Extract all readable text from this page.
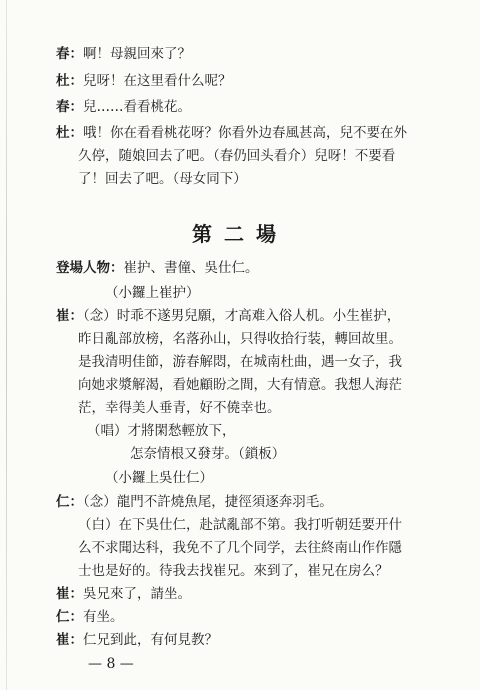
春：啊！母親回來了？
杜：兒呀！在这里看什么呢？
春：兒……看看桃花。
杜：哦！你在看看桃花呀？你看外边春風甚高，兒不要在外
久停，随娘回去了吧。（春仍回头看介）兒呀！不要看
了！回去了吧。（母女同下）
第二場
登場人物：崔护、書僮、吳仕仁。
（小鑼上崔护）
崔：（念）时乖不遂男兒願，才高难入俗人机。小生崔护，
昨日亂部放榜，名落孙山，只得收拾行装，轉回故里。
是我清明佳節，游春解悶，在城南杜曲，遇一女子，我
向她求漿解渴，看她顧盼之間，大有情意。我想人海茫
茫，幸得美人垂青，好不僥幸也。
（唱）才將閑愁輕放下，
怎奈情根又發芽。（鎖板）
（小鑼上吳仕仁）
仁：（念）龍門不許燒魚尾，捷徑須逐奔羽毛。
（白）在下吳仕仁，赴試亂部不第。我打听朝廷要开什
么不求聞达科，我免不了几个同学，去往終南山作作隱
士也是好的。待我去找崔兄。來到了，崔兄在房么？
崔：吳兄來了，請坐。
仁：有坐。
崔：仁兄到此，有何見教？
— 8 —
